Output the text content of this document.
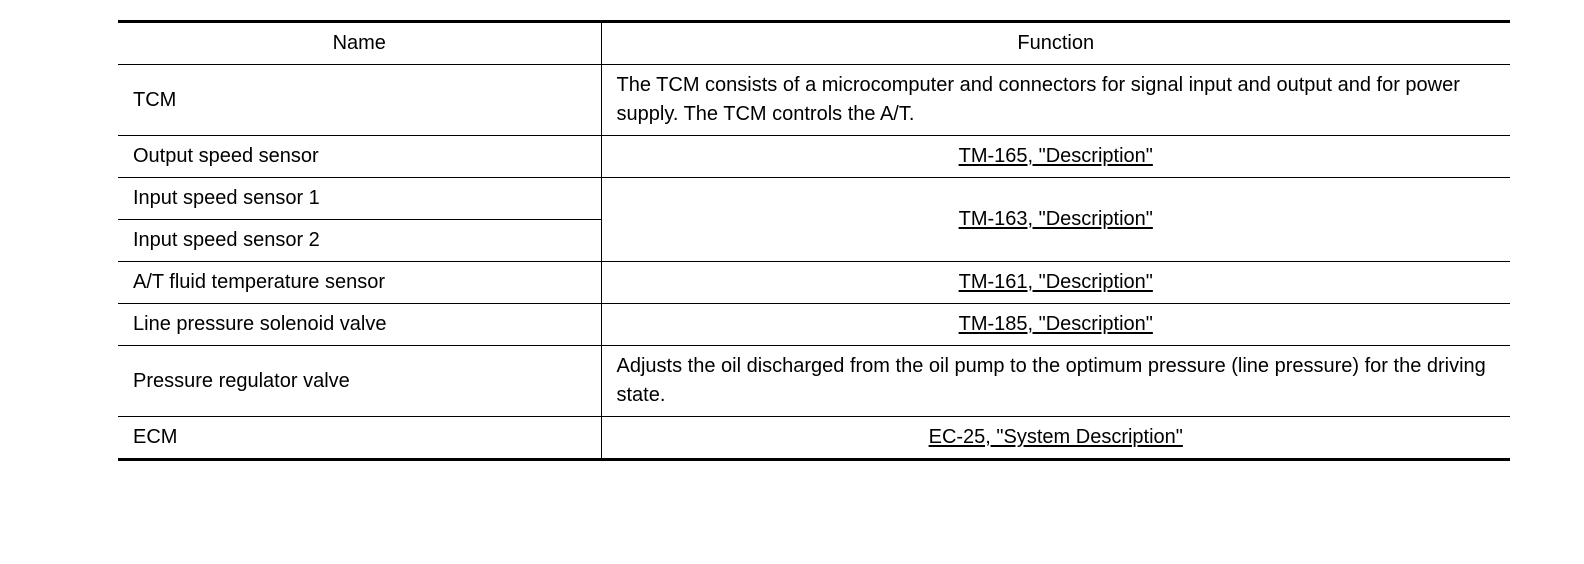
Name	Function
TCM	The TCM consists of a microcomputer and connectors for signal input and output and for power supply. The TCM controls the A/T.
Output speed sensor	TM-165, "Description"
Input speed sensor 1	TM-163, "Description"
Input speed sensor 2	
A/T fluid temperature sensor	TM-161, "Description"
Line pressure solenoid valve	TM-185, "Description"
Pressure regulator valve	Adjusts the oil discharged from the oil pump to the optimum pressure (line pressure) for the driving state.
ECM	EC-25, "System Description"
